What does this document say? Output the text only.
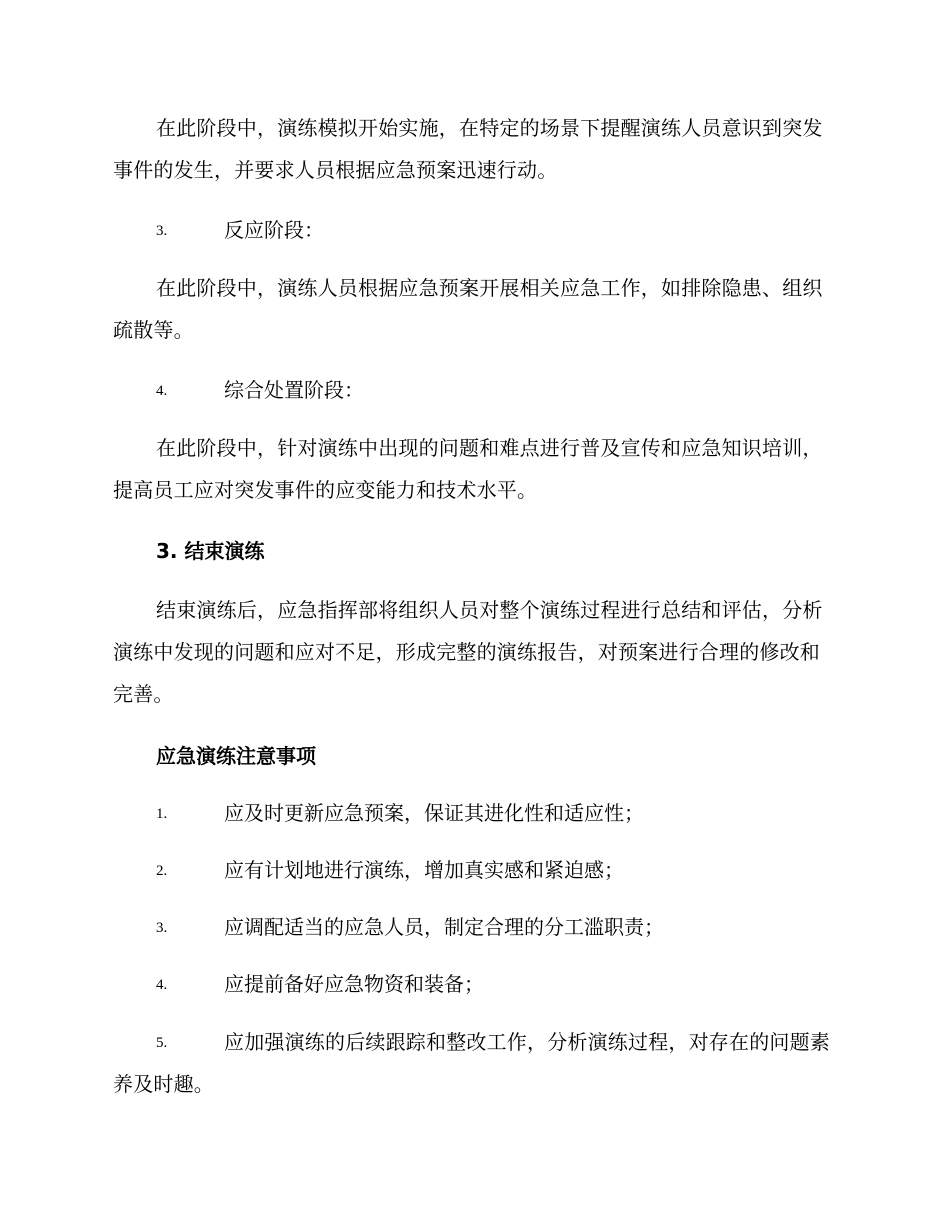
在此阶段中，演练模拟开始实施，在特定的场景下提醒演练人员意识到突发事件的发生，并要求人员根据应急预案迅速行动。

3.	反应阶段：

在此阶段中，演练人员根据应急预案开展相关应急工作，如排除隐患、组织疏散等。

4.	综合处置阶段：

在此阶段中，针对演练中出现的问题和难点进行普及宣传和应急知识培训，提高员工应对突发事件的应变能力和技术水平。

3. 结束演练

结束演练后，应急指挥部将组织人员对整个演练过程进行总结和评估，分析演练中发现的问题和应对不足，形成完整的演练报告，对预案进行合理的修改和完善。

应急演练注意事项
1.	应及时更新应急预案，保证其进化性和适应性；
2.	应有计划地进行演练，增加真实感和紧迫感；
3.	应调配适当的应急人员，制定合理的分工滥职责；
4.	应提前备好应急物资和装备；
5.	应加强演练的后续跟踪和整改工作，分析演练过程，对存在的问题素养及时趣。
